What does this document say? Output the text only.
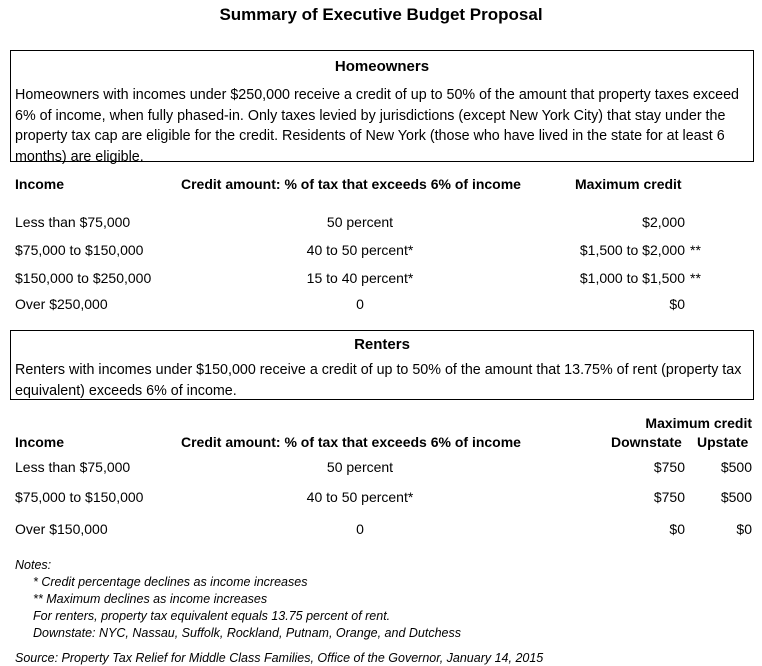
Summary of Executive Budget Proposal
Homeowners
Homeowners with incomes under $250,000 receive a credit of up to 50% of the amount that property taxes exceed 6% of income, when fully phased-in. Only taxes levied by jurisdictions (except New York City) that stay under the property tax cap are eligible for the credit. Residents of New York (those who have lived in the state for at least 6 months) are eligible.
Income	Credit amount: % of tax that exceeds 6% of income	Maximum credit
Less than $75,000	50 percent	$2,000
$75,000 to $150,000	40 to 50 percent*	$1,500 to $2,000 **
$150,000 to $250,000	15 to 40 percent*	$1,000 to $1,500 **
Over $250,000	0	$0
Renters
Renters with incomes under $150,000 receive a credit of up to 50% of the amount that 13.75% of rent (property tax equivalent) exceeds 6% of income.
Maximum credit
Income	Credit amount: % of tax that exceeds 6% of income	Downstate Upstate
Less than $75,000	50 percent	$750	$500
$75,000 to $150,000	40 to 50 percent*	$750	$500
Over $150,000	0	$0	$0
Notes:
* Credit percentage declines as income increases
** Maximum declines as income increases
For renters, property tax equivalent equals 13.75 percent of rent.
Downstate: NYC, Nassau, Suffolk, Rockland, Putnam, Orange, and Dutchess
Source: Property Tax Relief for Middle Class Families, Office of the Governor, January 14, 2015
